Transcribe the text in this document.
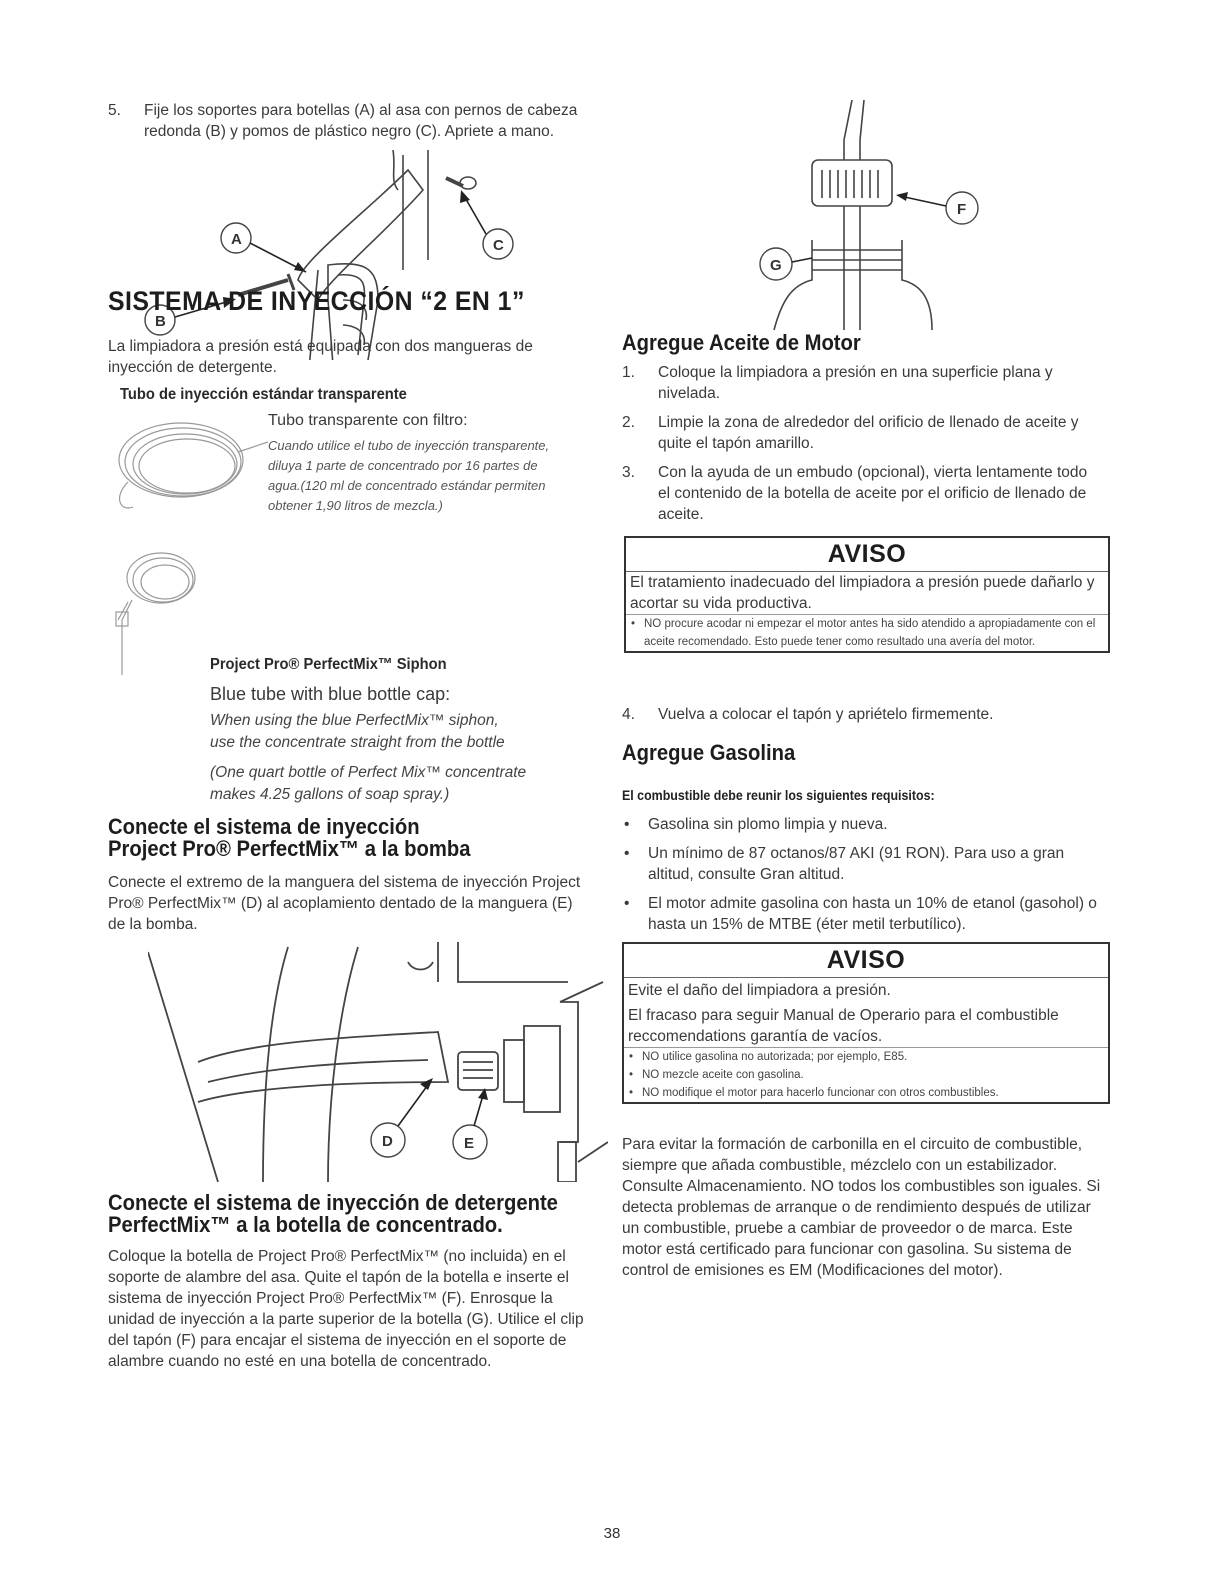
5.	Fije los soportes para botellas (A) al asa con pernos de cabeza redonda (B) y pomos de plástico negro (C). Apriete a mano.
A
B
C
SISTEMA DE INYECCIÓN “2 EN 1”

La limpiadora a presión está equipada con dos mangueras de inyección de detergente.

Tubo de inyección estándar transparente
Tubo transparente con filtro:
Cuando utilice el tubo de inyección transparente,
diluya 1 parte de concentrado por 16 partes de
agua.(120 ml de concentrado estándar permiten
obtener 1,90 litros de mezcla.)
Project Pro® PerfectMix™ Siphon
Blue tube with blue bottle cap:
When using the blue PerfectMix™ siphon,
use the concentrate straight from the bottle
(One quart bottle of Perfect Mix™ concentrate
makes 4.25 gallons of soap spray.)
Conecte el sistema de inyección
Project Pro® PerfectMix™ a la bomba

Conecte el extremo de la manguera del sistema de inyección Project Pro® PerfectMix™ (D) al acoplamiento dentado de la manguera (E) de la bomba.

D	E
Conecte el sistema de inyección de detergente
PerfectMix™ a la botella de concentrado.

Coloque la botella de Project Pro® PerfectMix™ (no incluida) en el soporte de alambre del asa. Quite el tapón de la botella e inserte el sistema de inyección Project Pro® PerfectMix™ (F). Enrosque la unidad de inyección a la parte superior de la botella (G). Utilice el clip del tapón (F) para encajar el sistema de inyección en el soporte de alambre cuando no esté en una botella de concentrado.

F
G
Agregue Aceite de Motor
1.	Coloque la limpiadora a presión en una superficie plana y nivelada.
2.	Limpie la zona de alrededor del orificio de llenado de aceite y quite el tapón amarillo.
3.	Con la ayuda de un embudo (opcional), vierta lentamente todo el contenido de la botella de aceite por el orificio de llenado de aceite.
AVISO
El tratamiento inadecuado del limpiadora a presión puede dañarlo y acortar su vida productiva.
• NO procure acodar ni empezar el motor antes ha sido atendido a apropiadamente con el aceite recomendado. Esto puede tener como resultado una avería del motor.
4.	Vuelva a colocar el tapón y apriételo firmemente.
Agregue Gasolina
El combustible debe reunir los siguientes requisitos:
• Gasolina sin plomo limpia y nueva.
• Un mínimo de 87 octanos/87 AKI (91 RON). Para uso a gran altitud, consulte Gran altitud.
• El motor admite gasolina con hasta un 10% de etanol (gasohol) o hasta un 15% de MTBE (éter metil terbutílico).
AVISO
Evite el daño del limpiadora a presión.
El fracaso para seguir Manual de Operario para el combustible reccomendations garantía de vacíos.
• NO utilice gasolina no autorizada; por ejemplo, E85.
• NO mezcle aceite con gasolina.
• NO modifique el motor para hacerlo funcionar con otros combustibles.

Para evitar la formación de carbonilla en el circuito de combustible, siempre que añada combustible, mézclelo con un estabilizador. Consulte Almacenamiento. NO todos los combustibles son iguales. Si detecta problemas de arranque o de rendimiento después de utilizar un combustible, pruebe a cambiar de proveedor o de marca. Este motor está certificado para funcionar con gasolina. Su sistema de control de emisiones es EM (Modificaciones del motor).

38
